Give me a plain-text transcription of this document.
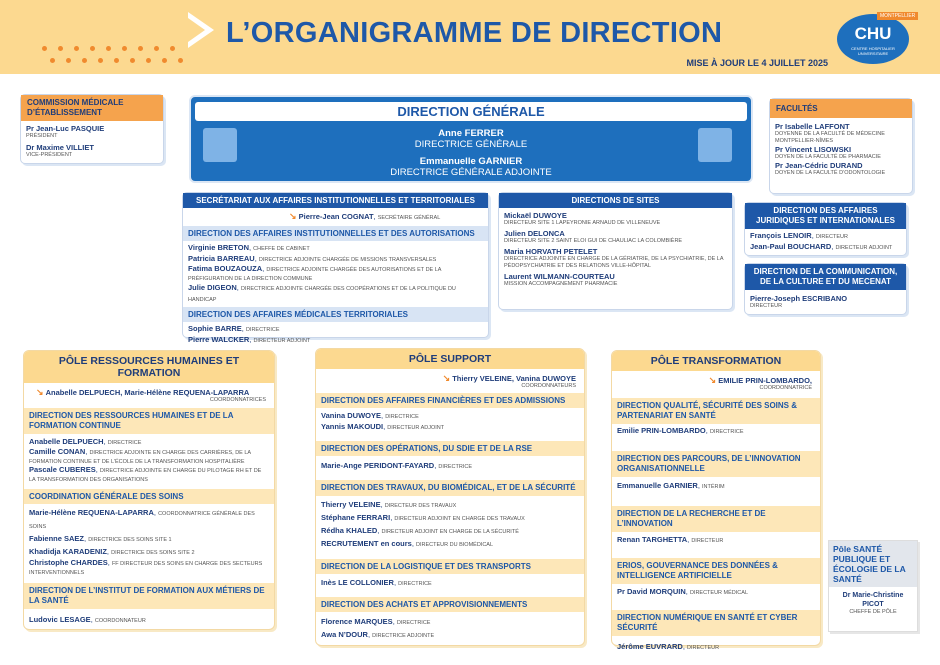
L’ORGANIGRAMME DE DIRECTION
MISE À JOUR LE 4 JUILLET 2025
MONTPELLIER
CHU
CENTRE HOSPITALIER UNIVERSITAIRE
COMMISSION MÉDICALE D’ÉTABLISSEMENT
Pr Jean-Luc PASQUIE
PRÉSIDENT
Dr Maxime VILLIET
VICE-PRÉSIDENT
DIRECTION GÉNÉRALE
Anne FERRER
DIRECTRICE GÉNÉRALE
Emmanuelle GARNIER
DIRECTRICE GÉNÉRALE ADJOINTE
FACULTÉS
Pr Isabelle LAFFONT
DOYENNE DE LA FACULTÉ DE MÉDECINE MONTPELLIER-NÎMES
Pr Vincent LISOWSKI
DOYEN DE LA FACULTÉ DE PHARMACIE
Pr Jean-Cédric DURAND
DOYEN DE LA FACULTÉ D’ODONTOLOGIE
SECRÉTARIAT AUX AFFAIRES INSTITUTIONNELLES ET TERRITORIALES
↘ Pierre-Jean COGNAT, SECRÉTAIRE GÉNÉRAL
DIRECTION DES AFFAIRES INSTITUTIONNELLES ET DES AUTORISATIONS
Virginie BRETON, CHEFFE DE CABINET
Patricia BARREAU, DIRECTRICE ADJOINTE CHARGÉE DE MISSIONS TRANSVERSALES
Fatima BOUZAOUZA, DIRECTRICE ADJOINTE CHARGÉE DES AUTORISATIONS ET DE LA PRÉFIGURATION DE LA DIRECTION COMMUNE
Julie DIGEON, DIRECTRICE ADJOINTE CHARGÉE DES COOPÉRATIONS ET DE LA POLITIQUE DU HANDICAP
DIRECTION DES AFFAIRES MÉDICALES TERRITORIALES
Sophie BARRE, DIRECTRICE
Pierre WALCKER, DIRECTEUR ADJOINT
DIRECTIONS DE SITES
Mickaël DUWOYE
DIRECTEUR SITE 1 LAPEYRONIE ARNAUD DE VILLENEUVE
Julien DELONCA
DIRECTEUR SITE 2 SAINT ELOI GUI DE CHAULIAC LA COLOMBIÈRE
Maria HORVATH PETELET
DIRECTRICE ADJOINTE EN CHARGE DE LA GÉRIATRIE, DE LA PSYCHIATRIE, DE LA PÉDOPSYCHIATRIE ET DES RELATIONS VILLE-HÔPITAL
Laurent WILMANN-COURTEAU
MISSION ACCOMPAGNEMENT PHARMACIE
DIRECTION DES AFFAIRES JURIDIQUES ET INTERNATIONALES
François LENOIR, DIRECTEUR
Jean-Paul BOUCHARD, DIRECTEUR ADJOINT
DIRECTION DE LA COMMUNICATION, DE LA CULTURE ET DU MECENAT
Pierre-Joseph ESCRIBANO
DIRECTEUR
PÔLE RESSOURCES HUMAINES ET FORMATION
↘ Anabelle DELPUECH, Marie-Hélène REQUENA-LAPARRA
COORDONNATRICES
DIRECTION DES RESSOURCES HUMAINES ET DE LA FORMATION CONTINUE
Anabelle DELPUECH, DIRECTRICE
Camille CONAN, DIRECTRICE ADJOINTE EN CHARGE DES CARRIÈRES, DE LA FORMATION CONTINUE ET DE L’ÉCOLE DE LA TRANSFORMATION HOSPITALIÈRE
Pascale CUBERES, DIRECTRICE ADJOINTE EN CHARGE DU PILOTAGE RH ET DE LA TRANSFORMATION DES ORGANISATIONS
COORDINATION GÉNÉRALE DES SOINS
Marie-Hélène REQUENA-LAPARRA, COORDONNATRICE GÉNÉRALE DES SOINS
Fabienne SAEZ, DIRECTRICE DES SOINS SITE 1
Khadidja KARADENIZ, DIRECTRICE DES SOINS SITE 2
Christophe CHARDES, FF DIRECTEUR DES SOINS EN CHARGE DES SECTEURS INTERVENTIONNELS
DIRECTION DE L’INSTITUT DE FORMATION AUX MÉTIERS DE LA SANTÉ
Ludovic LESAGE, COORDONNATEUR
PÔLE SUPPORT
↘ Thierry VELEINE, Vanina DUWOYE
COORDONNATEURS
DIRECTION DES AFFAIRES FINANCIÈRES ET DES ADMISSIONS
Vanina DUWOYE, DIRECTRICE
Yannis MAKOUDI, DIRECTEUR ADJOINT
DIRECTION DES OPÉRATIONS, DU SDIE ET DE LA RSE
Marie-Ange PERIDONT-FAYARD, DIRECTRICE
DIRECTION DES TRAVAUX, DU BIOMÉDICAL, ET DE LA SÉCURITÉ
Thierry VELEINE, DIRECTEUR DES TRAVAUX
Stéphane FERRARI, DIRECTEUR ADJOINT EN CHARGE DES TRAVAUX
Rédha KHALED, DIRECTEUR ADJOINT EN CHARGE DE LA SÉCURITÉ
RECRUTEMENT en cours, DIRECTEUR DU BIOMÉDICAL
DIRECTION DE LA LOGISTIQUE ET DES TRANSPORTS
Inès LE COLLONIER, DIRECTRICE
DIRECTION DES ACHATS ET APPROVISIONNEMENTS
Florence MARQUES, DIRECTRICE
Awa N’DOUR, DIRECTRICE ADJOINTE
PÔLE TRANSFORMATION
↘ EMILIE PRIN-LOMBARDO,
COORDONNATRICE
DIRECTION QUALITÉ, SÉCURITÉ DES SOINS & PARTENARIAT EN SANTÉ
Emilie PRIN-LOMBARDO, DIRECTRICE
DIRECTION DES PARCOURS, DE L’INNOVATION ORGANISATIONNELLE
Emmanuelle GARNIER, INTÉRIM
DIRECTION DE LA RECHERCHE ET DE L’INNOVATION
Renan TARGHETTA, DIRECTEUR
ERIOS, GOUVERNANCE DES DONNÉES & INTELLIGENCE ARTIFICIELLE
Pr David MORQUIN, DIRECTEUR MÉDICAL
DIRECTION NUMÉRIQUE EN SANTÉ ET CYBER SÉCURITÉ
Jérôme EUVRARD, DIRECTEUR
Pôle SANTÉ PUBLIQUE ET ÉCOLOGIE DE LA SANTÉ
Dr Marie-Christine PICOT
CHEFFE DE PÔLE
